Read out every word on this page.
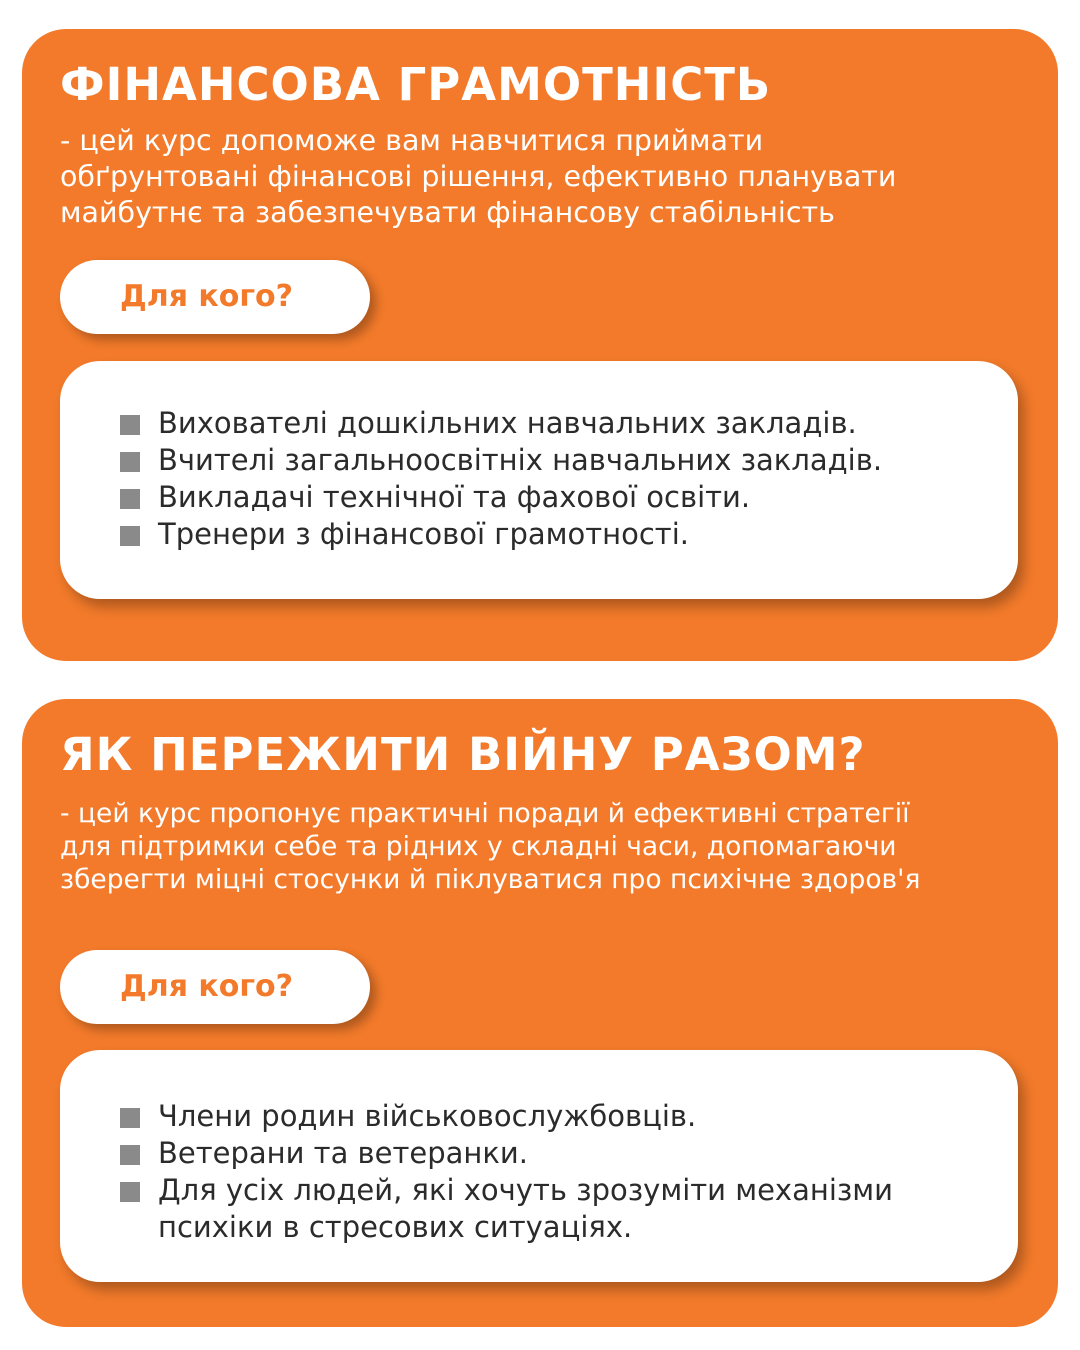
ФІНАНСОВА ГРАМОТНІСТЬ

- цей курс допоможе вам навчитися приймати
обґрунтовані фінансові рішення, ефективно планувати
майбутнє та забезпечувати фінансову стабільність

Для кого?
Вихователі дошкільних навчальних закладів.
Вчителі загальноосвітніх навчальних закладів.
Викладачі технічної та фахової освіти.
Тренери з фінансової грамотності.
ЯК ПЕРЕЖИТИ ВІЙНУ РАЗОМ?

- цей курс пропонує практичні поради й ефективні стратегії
для підтримки себе та рідних у складні часи, допомагаючи
зберегти міцні стосунки й піклуватися про психічне здоров'я

Для кого?
Члени родин військовослужбовців.
Ветерани та ветеранки.
Для усіх людей, які хочуть зрозуміти механізми психіки в стресових ситуаціях.
